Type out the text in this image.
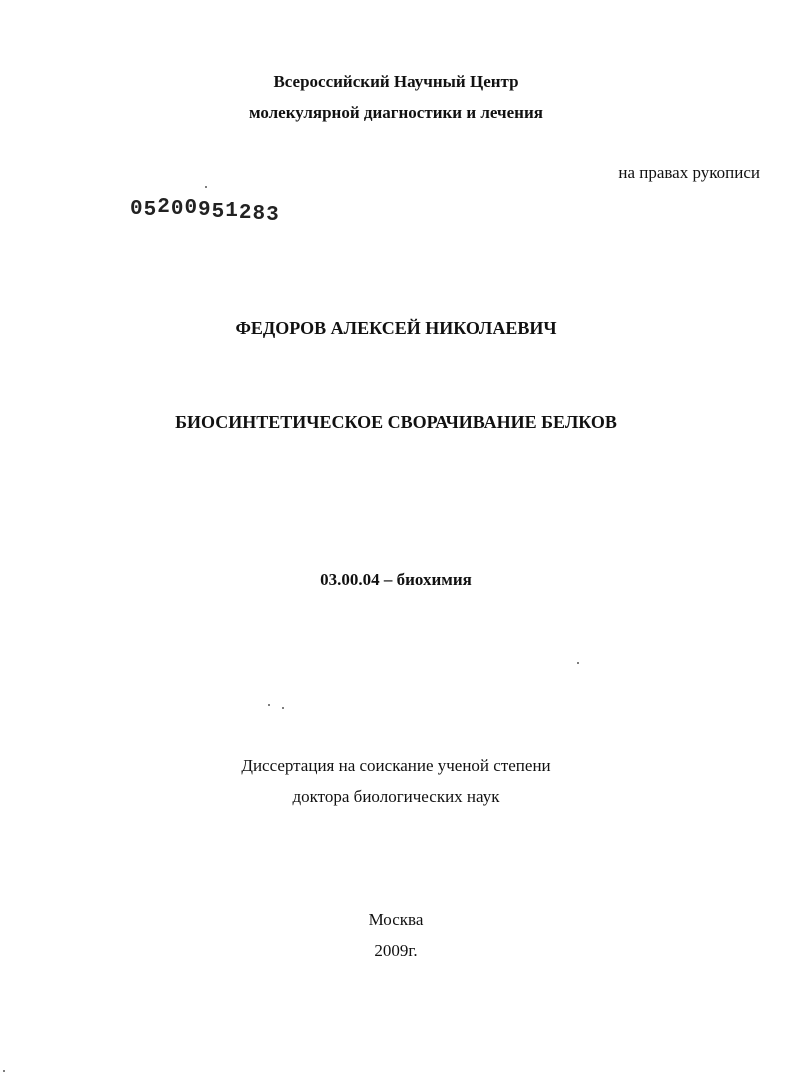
Всероссийский Научный Центр
молекулярной диагностики и лечения
на правах рукописи
05200951283
ФЕДОРОВ АЛЕКСЕЙ НИКОЛАЕВИЧ
БИОСИНТЕТИЧЕСКОЕ СВОРАЧИВАНИЕ БЕЛКОВ
03.00.04 – биохимия
Диссертация на соискание ученой степени
доктора биологических наук
Москва
2009г.
